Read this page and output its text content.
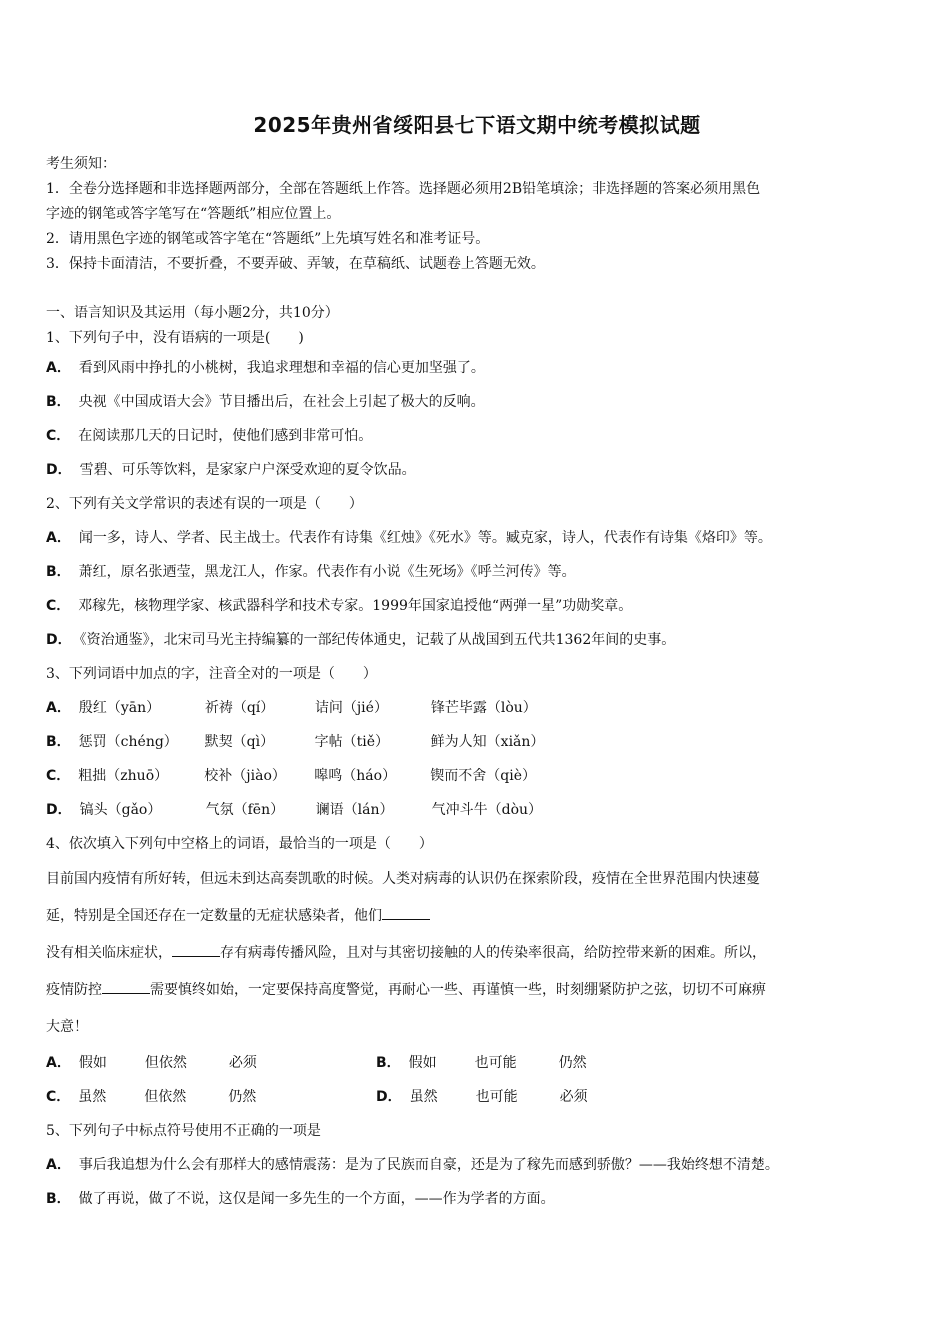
2025年贵州省绥阳县七下语文期中统考模拟试题
考生须知：
1．全卷分选择题和非选择题两部分，全部在答题纸上作答。选择题必须用2B铅笔填涂；非选择题的答案必须用黑色
字迹的钢笔或答字笔写在“答题纸”相应位置上。
2．请用黑色字迹的钢笔或答字笔在“答题纸”上先填写姓名和准考证号。
3．保持卡面清洁，不要折叠，不要弄破、弄皱，在草稿纸、试题卷上答题无效。
一、语言知识及其运用（每小题2分，共10分）
1、下列句子中，没有语病的一项是(　　)
A． 看到风雨中挣扎的小桃树，我追求理想和幸福的信心更加坚强了。
B． 央视《中国成语大会》节目播出后，在社会上引起了极大的反响。
C． 在阅读那几天的日记时，使他们感到非常可怕。
D． 雪碧、可乐等饮料，是家家户户深受欢迎的夏令饮品。
2、下列有关文学常识的表述有误的一项是（　　）
A． 闻一多，诗人、学者、民主战士。代表作有诗集《红烛》《死水》等。臧克家，诗人，代表作有诗集《烙印》等。
B． 萧红，原名张迺莹，黑龙江人，作家。代表作有小说《生死场》《呼兰河传》等。
C． 邓稼先，核物理学家、核武器科学和技术专家。1999年国家追授他“两弹一星”功勋奖章。
D． 《资治通鉴》，北宋司马光主持编纂的一部纪传体通史，记载了从战国到五代共1362年间的史事。
3、下列词语中加点的字，注音全对的一项是（　　）
A． 殷红（yān）	祈祷（qí）	诘问（jié）	锋芒毕露（lòu）
B． 惩罚（chéng） 默契（qì）	字帖（tiě）	鲜为人知（xiǎn）
C． 粗拙（zhuō）	校补（jiào） 嗥鸣（háo） 锲而不舍（qiè）
D． 镐头（gǎo）	气氛（fēn） 谰语（lán）	气冲斗牛（dòu）
4、依次填入下列句中空格上的词语，最恰当的一项是（　　）
目前国内疫情有所好转，但远未到达高奏凯歌的时候。人类对病毒的认识仍在探索阶段，疫情在全世界范围内快速蔓
延，特别是全国还存在一定数量的无症状感染者，他们
没有相关临床症状，	存有病毒传播风险，且对与其密切接触的人的传染率很高，给防控带来新的困难。所以，
疫情防控	需要慎终如始，一定要保持高度警觉，再耐心一些、再谨慎一些，时刻绷紧防护之弦，切切不可麻痹
大意！
A． 假如	但依然	必须	B． 假如	也可能	仍然
C． 虽然	但依然	仍然	D． 虽然	也可能	必须
5、下列句子中标点符号使用不正确的一项是
A． 事后我追想为什么会有那样大的感情震荡：是为了民族而自豪，还是为了稼先而感到骄傲？——我始终想不清楚。
B． 做了再说，做了不说，这仅是闻一多先生的一个方面，——作为学者的方面。
